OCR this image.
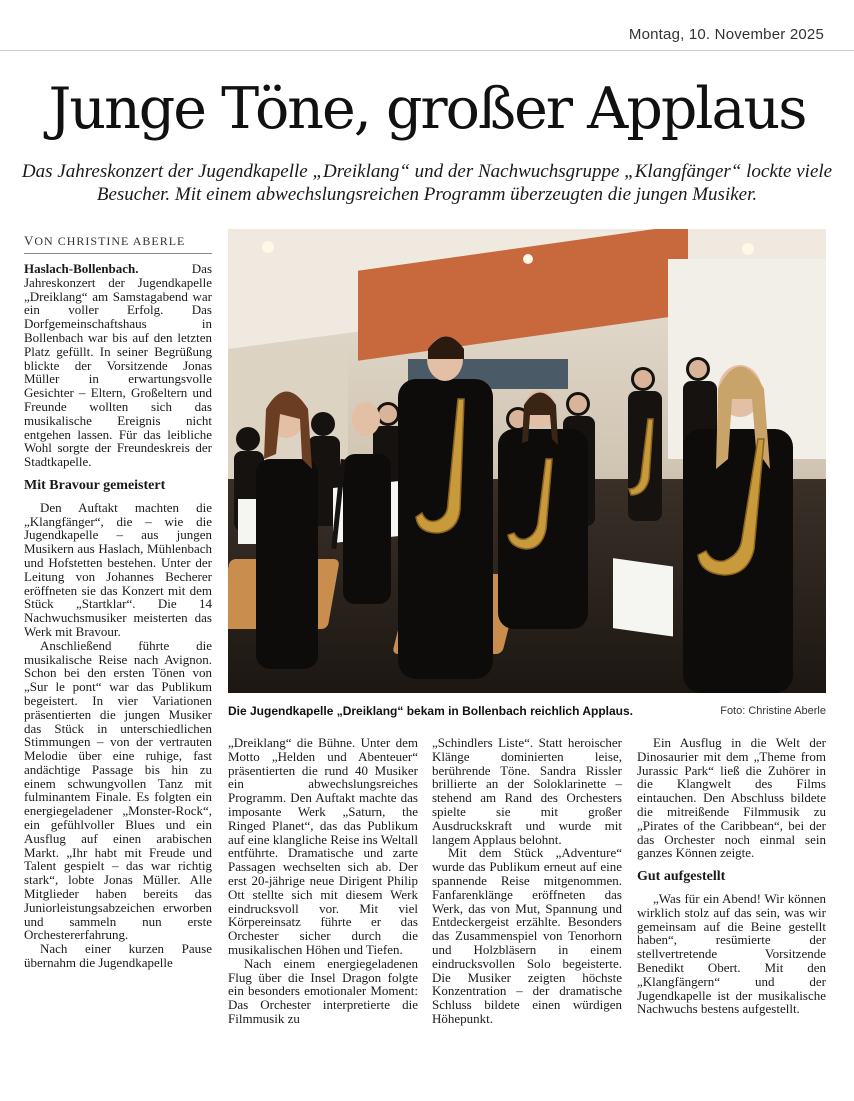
Montag, 10. November 2025
Junge Töne, großer Applaus
Das Jahreskonzert der Jugendkapelle „Dreiklang“ und der Nachwuchsgruppe „Klangfänger“ lockte viele Besucher. Mit einem abwechslungsreichen Programm überzeugten die jungen Musiker.
VON CHRISTINE ABERLE

Haslach-Bollenbach. Das Jahreskonzert der Jugendkapelle „Dreiklang“ am Samstagabend war ein voller Erfolg. Das Dorfgemeinschaftshaus in Bollenbach war bis auf den letzten Platz gefüllt. In seiner Begrüßung blickte der Vorsitzende Jonas Müller in erwartungsvolle Gesichter – Eltern, Großeltern und Freunde wollten sich das musikalische Ereignis nicht entgehen lassen. Für das leibliche Wohl sorgte der Freundeskreis der Stadtkapelle.

Mit Bravour gemeistert

Den Auftakt machten die „Klangfänger“, die – wie die Jugendkapelle – aus jungen Musikern aus Haslach, Mühlenbach und Hofstetten bestehen. Unter der Leitung von Johannes Becherer eröffneten sie das Konzert mit dem Stück „Startklar“. Die 14 Nachwuchsmusiker meisterten das Werk mit Bravour.

Anschließend führte die musikalische Reise nach Avignon. Schon bei den ersten Tönen von „Sur le pont“ war das Publikum begeistert. In vier Variationen präsentierten die jungen Musiker das Stück in unterschiedlichen Stimmungen – von der vertrauten Melodie über eine ruhige, fast andächtige Passage bis hin zu einem schwungvollen Tanz mit fulminantem Finale. Es folgten ein energiegeladener „Monster-Rock“, ein gefühlvoller Blues und ein Ausflug auf einen arabischen Markt. „Ihr habt mit Freude und Talent gespielt – das war richtig stark“, lobte Jonas Müller. Alle Mitglieder haben bereits das Juniorleistungsabzeichen erworben und sammeln nun erste Orchestererfahrung.

Nach einer kurzen Pause übernahm die Jugendkapelle

Die Jugendkapelle „Dreiklang“ bekam in Bollenbach reichlich Applaus.	Foto: Christine Aberle

„Dreiklang“ die Bühne. Unter dem Motto „Helden und Abenteuer“ präsentierten die rund 40 Musiker ein abwechslungsreiches Programm. Den Auftakt machte das imposante Werk „Saturn, the Ringed Planet“, das das Publikum auf eine klangliche Reise ins Weltall entführte. Dramatische und zarte Passagen wechselten sich ab. Der erst 20-jährige neue Dirigent Philip Ott stellte sich mit diesem Werk eindrucksvoll vor. Mit viel Körpereinsatz führte er das Orchester sicher durch die musikalischen Höhen und Tiefen.

Nach einem energiegeladenen Flug über die Insel Dragon folgte ein besonders emotionaler Moment: Das Orchester interpretierte die Filmmusik zu

„Schindlers Liste“. Statt heroischer Klänge dominierten leise, berührende Töne. Sandra Rissler brillierte an der Soloklarinette – stehend am Rand des Orchesters spielte sie mit großer Ausdruckskraft und wurde mit langem Applaus belohnt.

Mit dem Stück „Adventure“ wurde das Publikum erneut auf eine spannende Reise mitgenommen. Fanfarenklänge eröffneten das Werk, das von Mut, Spannung und Entdeckergeist erzählte. Besonders das Zusammenspiel von Tenorhorn und Holzbläsern in einem eindrucksvollen Solo begeisterte. Die Musiker zeigten höchste Konzentration – der dramatische Schluss bildete einen würdigen Höhepunkt.

Ein Ausflug in die Welt der Dinosaurier mit dem „Theme from Jurassic Park“ ließ die Zuhörer in die Klangwelt des Films eintauchen. Den Abschluss bildete die mitreißende Filmmusik zu „Pirates of the Caribbean“, bei der das Orchester noch einmal sein ganzes Können zeigte.

Gut aufgestellt

„Was für ein Abend! Wir können wirklich stolz auf das sein, was wir gemeinsam auf die Beine gestellt haben“, resümierte der stellvertretende Vorsitzende Benedikt Obert. Mit den „Klangfängern“ und der Jugendkapelle ist der musikalische Nachwuchs bestens aufgestellt.
